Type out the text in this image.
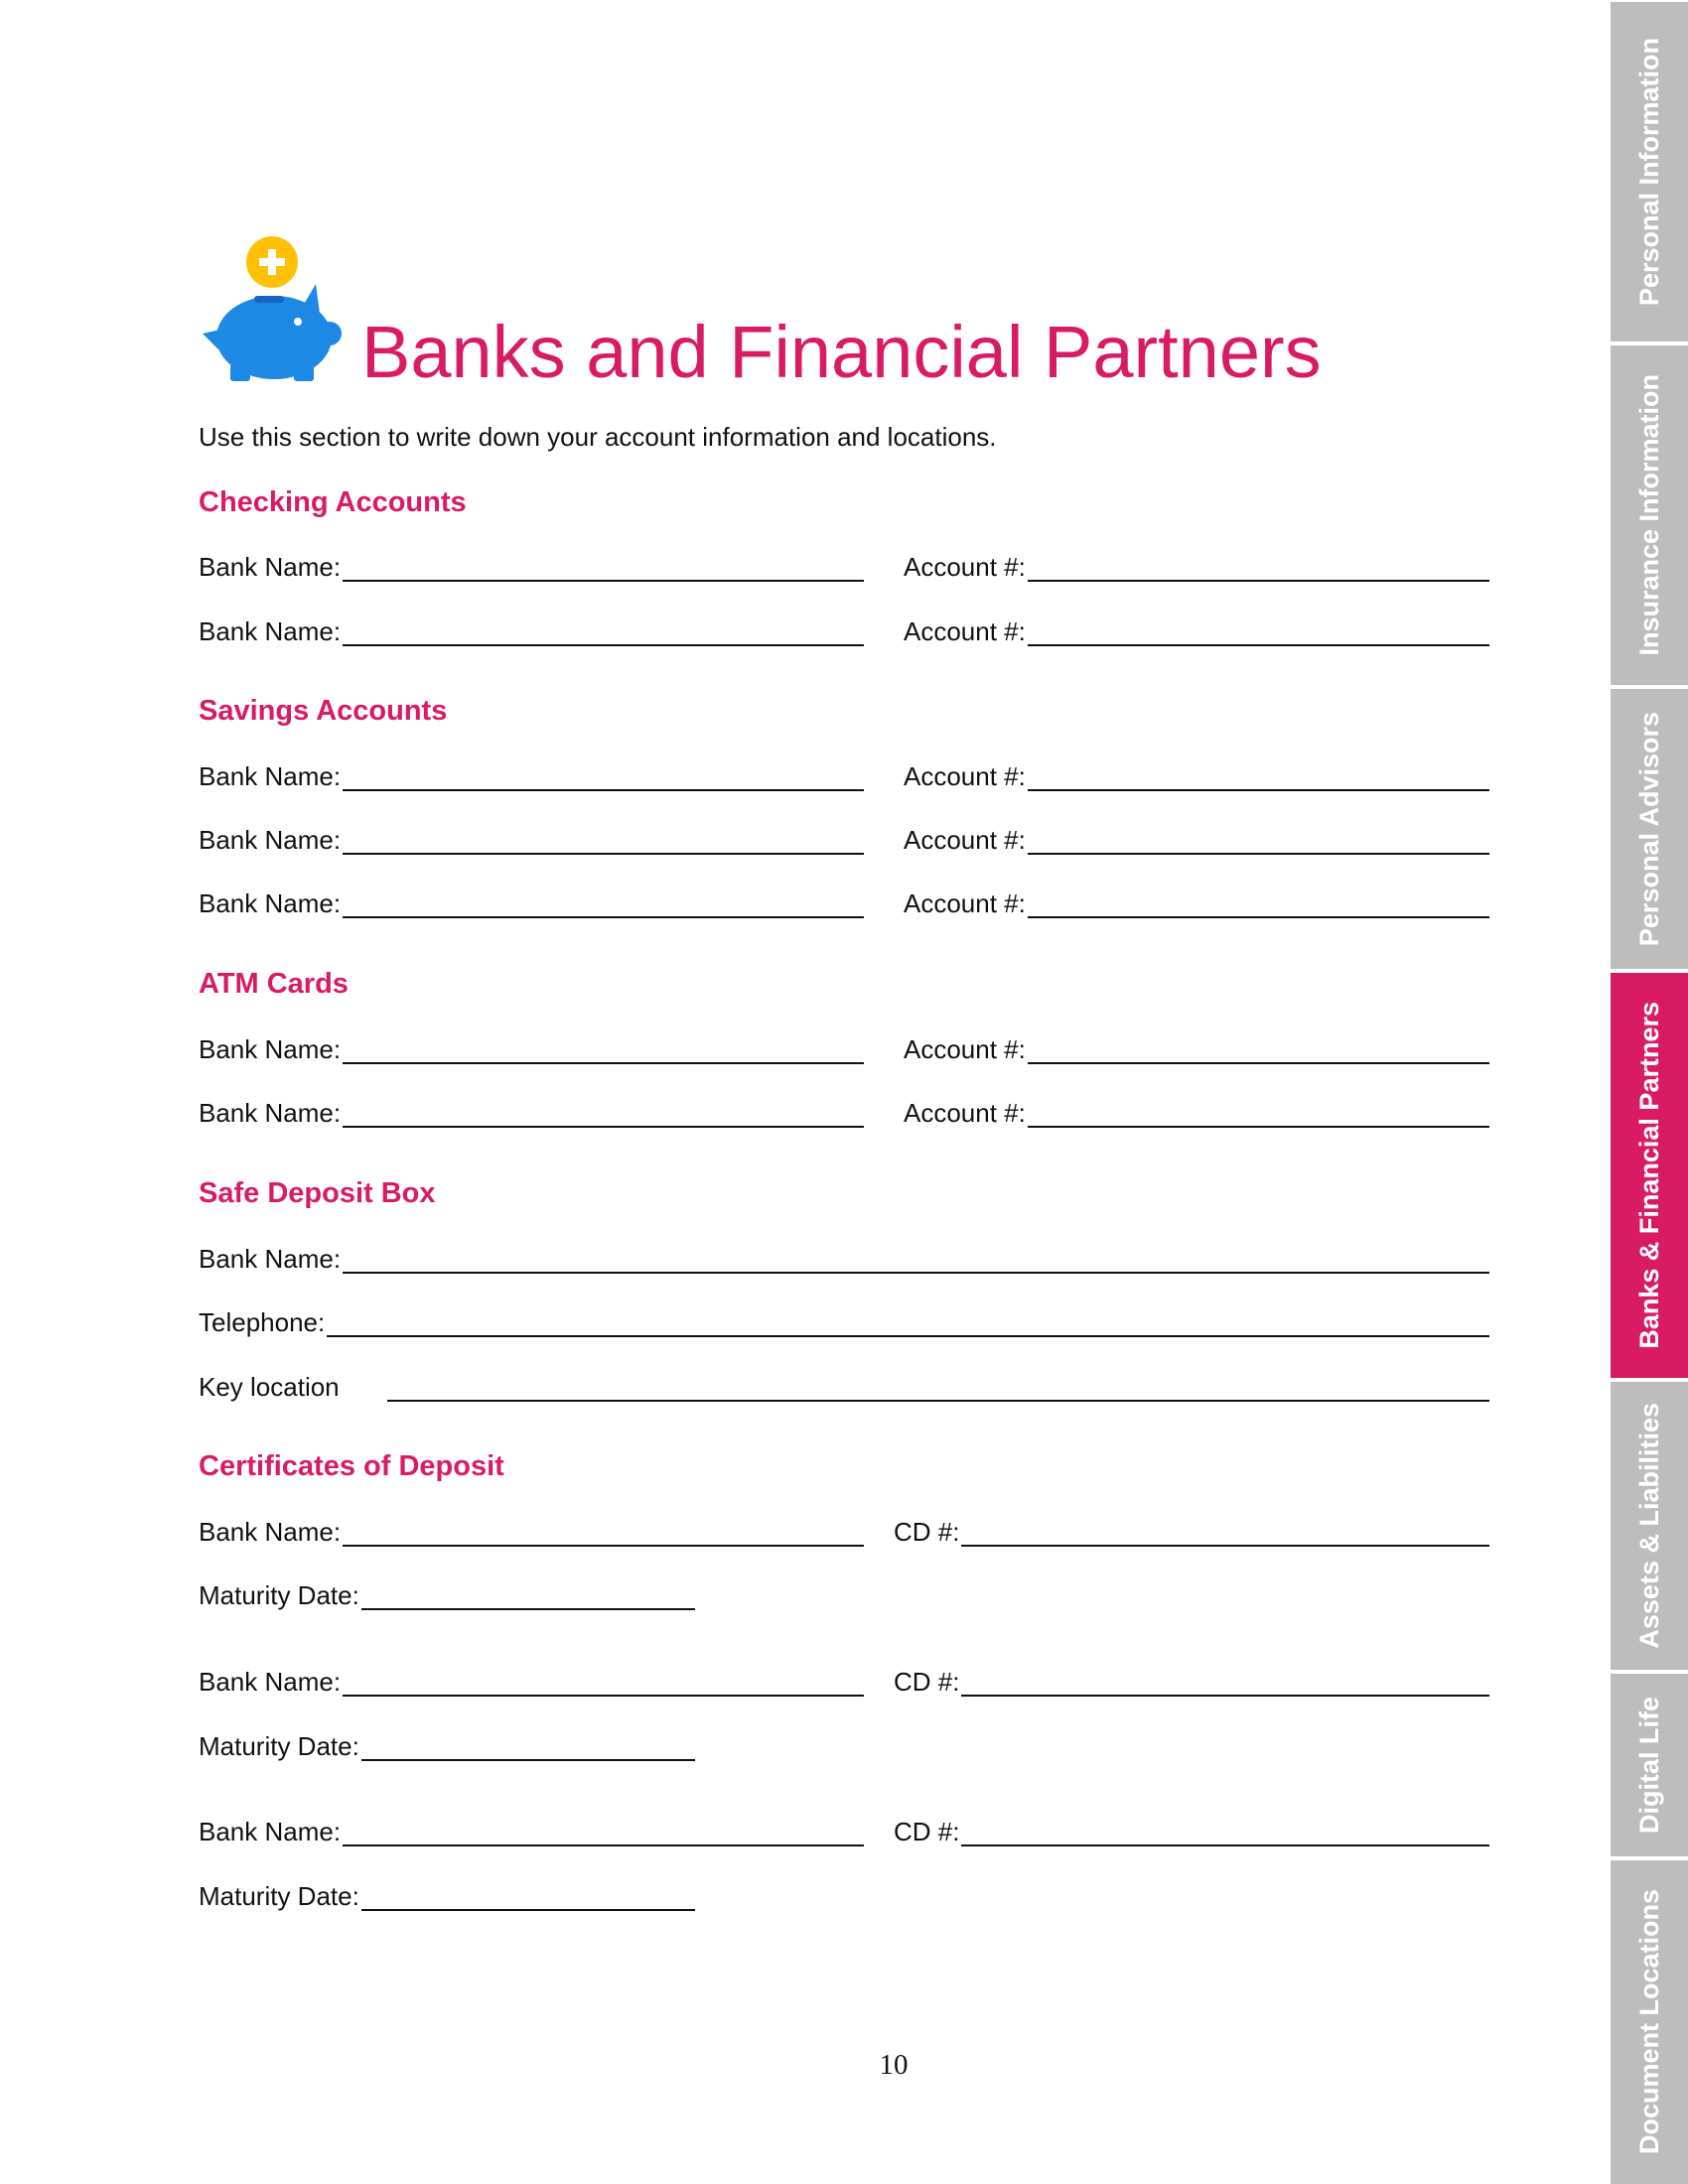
Banks and Financial Partners

Use this section to write down your account information and locations.

Checking Accounts
Bank Name:	Account #:
Bank Name:	Account #:
Savings Accounts
Bank Name:	Account #:
Bank Name:	Account #:
Bank Name:	Account #:
ATM Cards
Bank Name:	Account #:
Bank Name:	Account #:
Safe Deposit Box
Bank Name:
Telephone:
Key location
Certificates of Deposit
Bank Name:	CD #:
Maturity Date:
Bank Name:	CD #:
Maturity Date:
Bank Name:	CD #:
Maturity Date:

10

Personal Information
Insurance Information
Personal Advisors
Banks & Financial Partners
Assets & Liabilities
Digital Life
Document Locations
